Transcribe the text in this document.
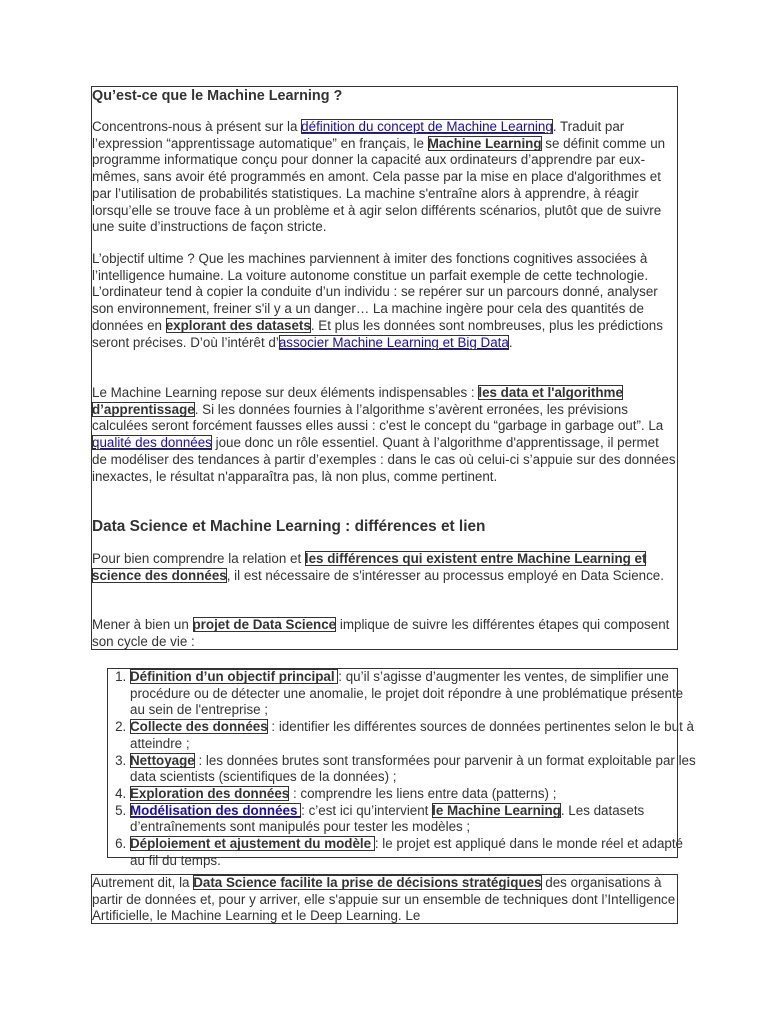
Qu’est-ce que le Machine Learning ?

Concentrons-nous à présent sur la définition du concept de Machine Learning. Traduit par l’expression “apprentissage automatique” en français, le Machine Learning se définit comme un programme informatique conçu pour donner la capacité aux ordinateurs d’apprendre par eux-mêmes, sans avoir été programmés en amont. Cela passe par la mise en place d'algorithmes et par l’utilisation de probabilités statistiques. La machine s'entraîne alors à apprendre, à réagir lorsqu’elle se trouve face à un problème et à agir selon différents scénarios, plutôt que de suivre une suite d’instructions de façon stricte.

L’objectif ultime ? Que les machines parviennent à imiter des fonctions cognitives associées à l’intelligence humaine. La voiture autonome constitue un parfait exemple de cette technologie. L’ordinateur tend à copier la conduite d’un individu : se repérer sur un parcours donné, analyser son environnement, freiner s'il y a un danger… La machine ingère pour cela des quantités de données en explorant des datasets. Et plus les données sont nombreuses, plus les prédictions seront précises. D’où l’intérêt d’associer Machine Learning et Big Data.

Le Machine Learning repose sur deux éléments indispensables : les data et l'algorithme d’apprentissage. Si les données fournies à l’algorithme s’avèrent erronées, les prévisions calculées seront forcément fausses elles aussi : c'est le concept du “garbage in garbage out”. La qualité des données joue donc un rôle essentiel. Quant à l’algorithme d'apprentissage, il permet de modéliser des tendances à partir d’exemples : dans le cas où celui-ci s’appuie sur des données inexactes, le résultat n'apparaîtra pas, là non plus, comme pertinent.

Data Science et Machine Learning : différences et lien

Pour bien comprendre la relation et les différences qui existent entre Machine Learning et science des données, il est nécessaire de s'intéresser au processus employé en Data Science.

Mener à bien un projet de Data Science implique de suivre les différentes étapes qui composent son cycle de vie :

1. Définition d’un objectif principal : qu’il s’agisse d’augmenter les ventes, de simplifier une procédure ou de détecter une anomalie, le projet doit répondre à une problématique présente au sein de l'entreprise ;
2. Collecte des données : identifier les différentes sources de données pertinentes selon le but à atteindre ;
3. Nettoyage : les données brutes sont transformées pour parvenir à un format exploitable par les data scientists (scientifiques de la données) ;
4. Exploration des données : comprendre les liens entre data (patterns) ;
5. Modélisation des données : c’est ici qu’intervient le Machine Learning. Les datasets d’entraînements sont manipulés pour tester les modèles ;
6. Déploiement et ajustement du modèle : le projet est appliqué dans le monde réel et adapté au fil du temps.

Autrement dit, la Data Science facilite la prise de décisions stratégiques des organisations à partir de données et, pour y arriver, elle s'appuie sur un ensemble de techniques dont l’Intelligence Artificielle, le Machine Learning et le Deep Learning. Le
